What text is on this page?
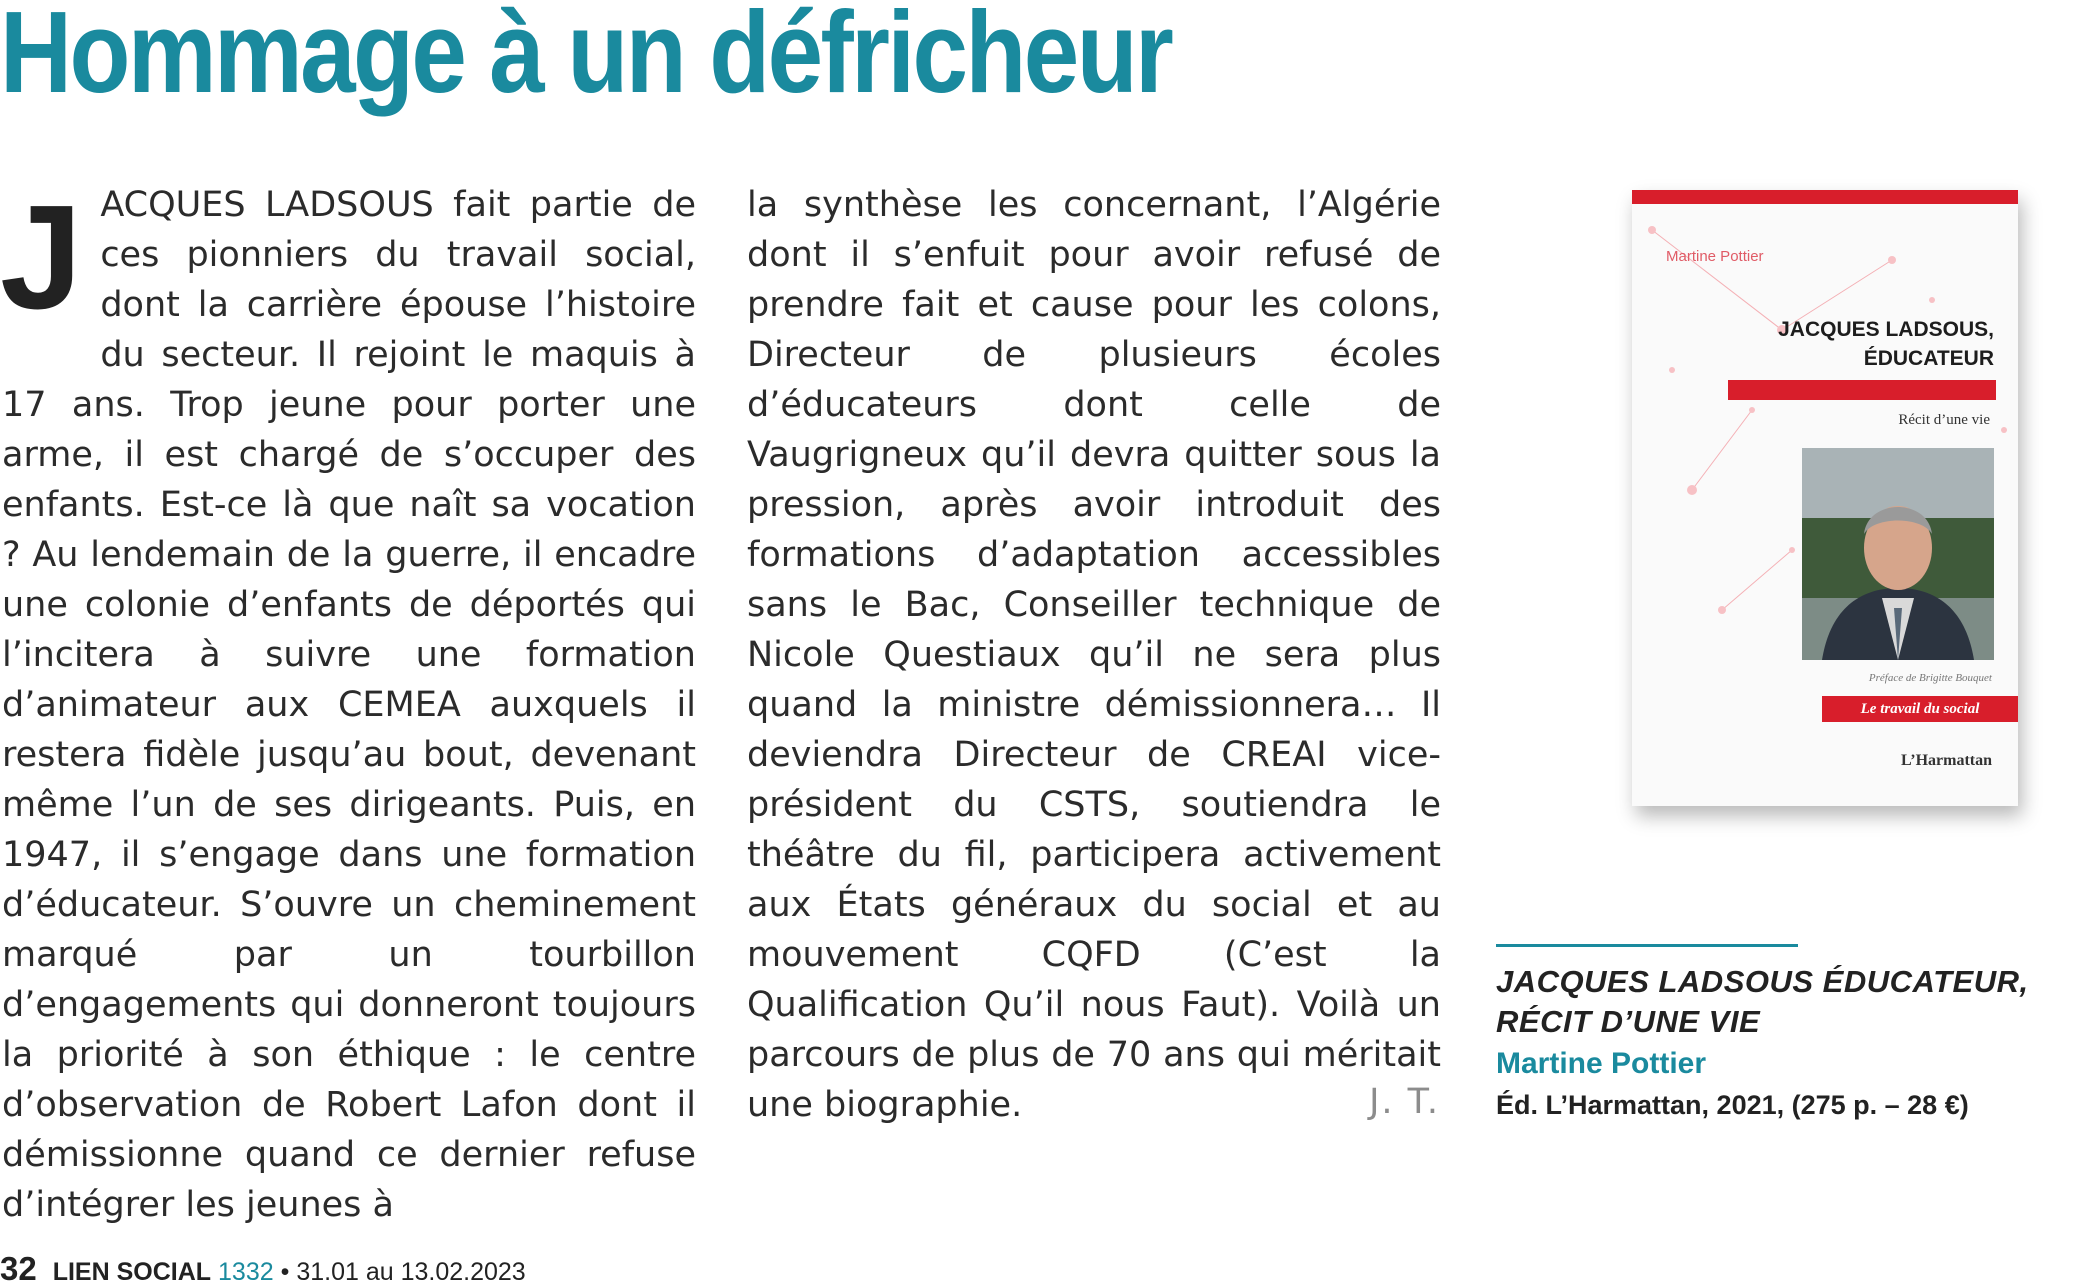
Hommage à un défricheur
J ACQUES LADSOUS fait partie de ces pionniers du travail social, dont la carrière épouse l’histoire du secteur. Il rejoint le maquis à 17 ans. Trop jeune pour porter une arme, il est chargé de s’occuper des enfants. Est-ce là que naît sa vocation ? Au lendemain de la guerre, il encadre une colonie d’enfants de déportés qui l’incitera à suivre une formation d’animateur aux CEMEA auxquels il restera fidèle jusqu’au bout, devenant même l’un de ses dirigeants. Puis, en 1947, il s’engage dans une formation d’éducateur. S’ouvre un cheminement marqué par un tourbillon d’engagements qui donneront toujours la priorité à son éthique : le centre d’observation de Robert Lafon dont il démissionne quand ce dernier refuse d’intégrer les jeunes à

la synthèse les concernant, l’Algérie dont il s’enfuit pour avoir refusé de prendre fait et cause pour les colons, Directeur de plusieurs écoles d’éducateurs dont celle de Vaugrigneux qu’il devra quitter sous la pression, après avoir introduit des formations d’adaptation accessibles sans le Bac, Conseiller technique de Nicole Questiaux qu’il ne sera plus quand la ministre démissionnera… Il deviendra Directeur de CREAI vice-président du CSTS, soutiendra le théâtre du fil, participera activement aux États généraux du social et au mouvement CQFD (C’est la Qualification Qu’il nous Faut). Voilà un parcours de plus de 70 ans qui méritait une biographie.	J. T.
Martine Pottier
JACQUES LADSOUS,
ÉDUCATEUR
Récit d’une vie
Préface de Brigitte Bouquet
Le travail du social
L’Harmattan
JACQUES LADSOUS ÉDUCATEUR,
RÉCIT D’UNE VIE
Martine Pottier
Éd. L’Harmattan, 2021, (275 p. – 28 €)
32 LIEN SOCIAL 1332 • 31.01 au 13.02.2023
